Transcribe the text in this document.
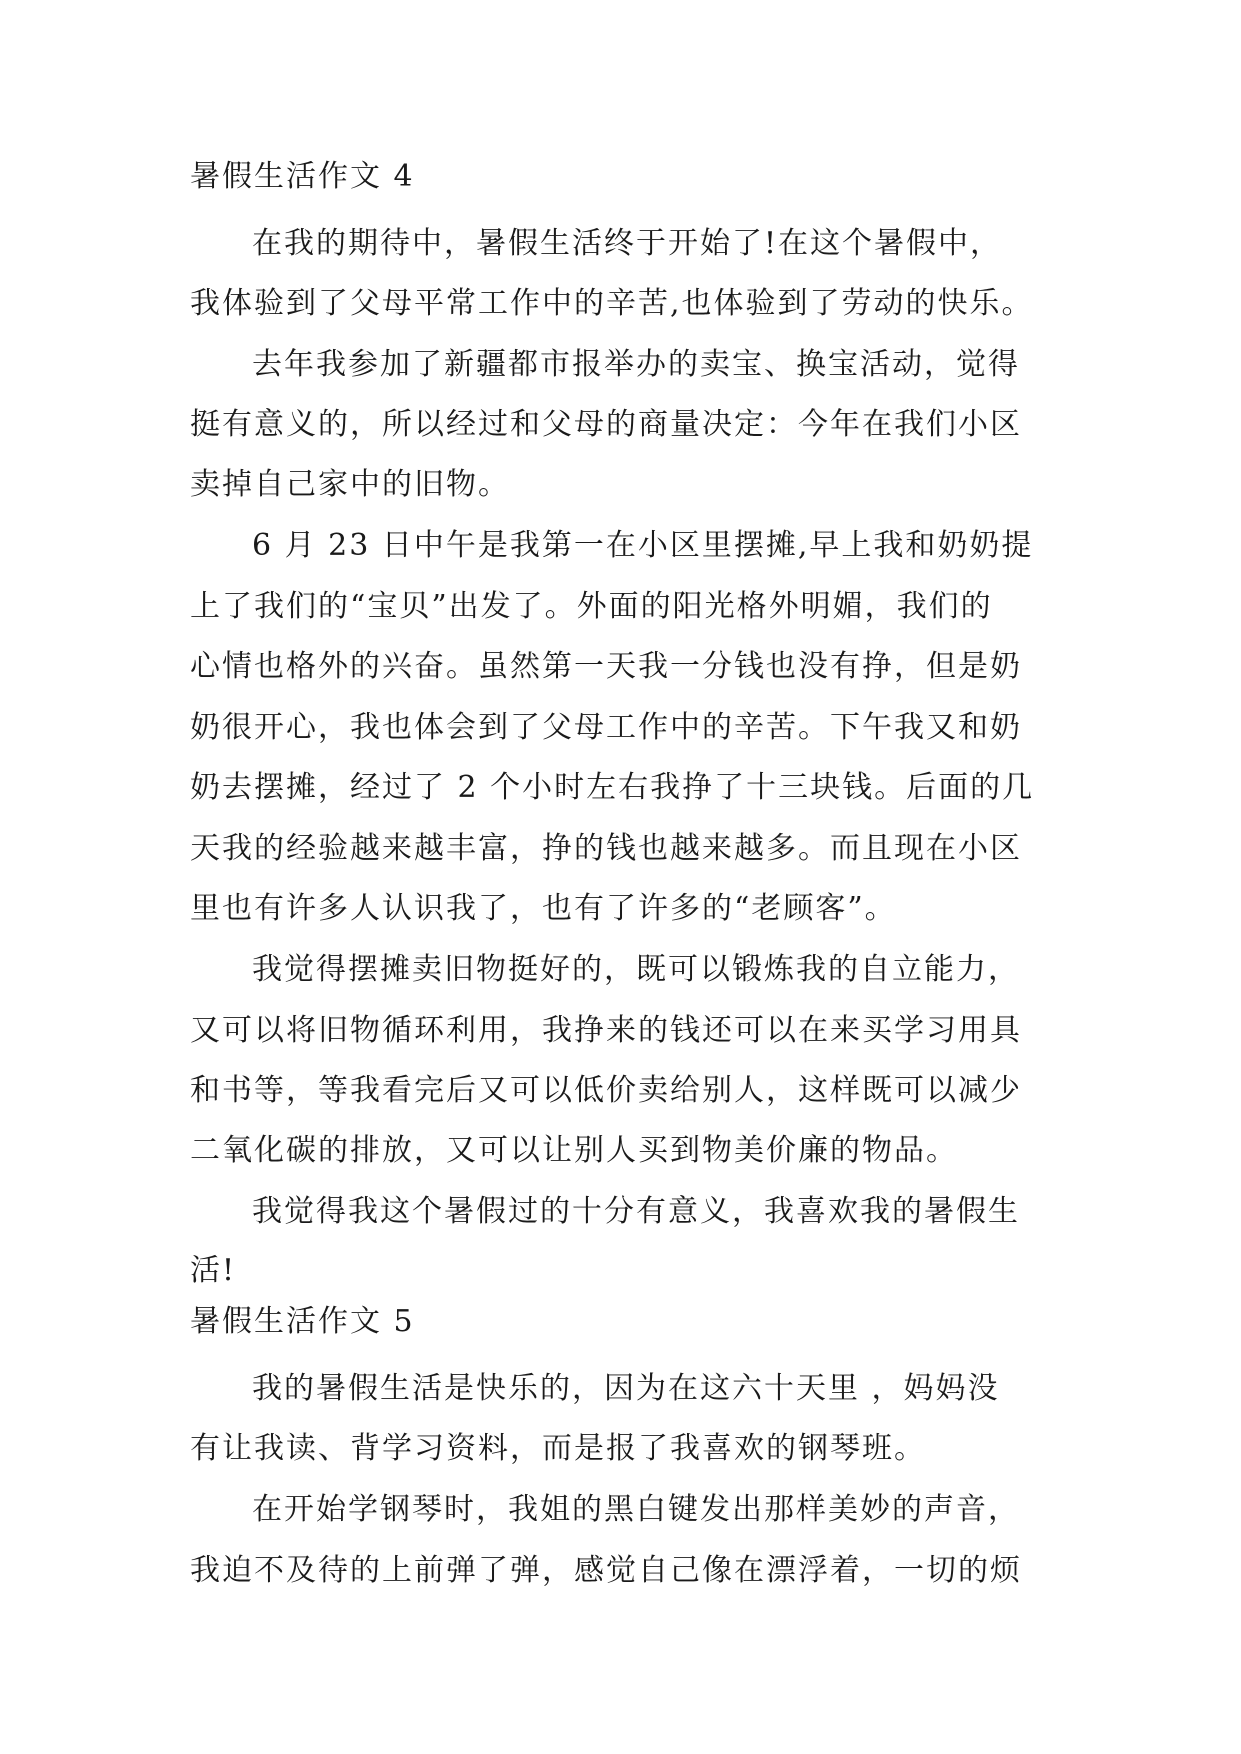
暑假生活作文 4

在我的期待中，暑假生活终于开始了!在这个暑假中，

我体验到了父母平常工作中的辛苦,也体验到了劳动的快乐。

去年我参加了新疆都市报举办的卖宝、换宝活动，觉得

挺有意义的，所以经过和父母的商量决定：今年在我们小区

卖掉自己家中的旧物。

6 月 23 日中午是我第一在小区里摆摊,早上我和奶奶提

上了我们的“宝贝”出发了。外面的阳光格外明媚，我们的

心情也格外的兴奋。虽然第一天我一分钱也没有挣，但是奶

奶很开心，我也体会到了父母工作中的辛苦。下午我又和奶

奶去摆摊，经过了 2 个小时左右我挣了十三块钱。后面的几

天我的经验越来越丰富，挣的钱也越来越多。而且现在小区

里也有许多人认识我了，也有了许多的“老顾客”。

我觉得摆摊卖旧物挺好的，既可以锻炼我的自立能力，

又可以将旧物循环利用，我挣来的钱还可以在来买学习用具

和书等，等我看完后又可以低价卖给别人，这样既可以减少

二氧化碳的排放，又可以让别人买到物美价廉的物品。

我觉得我这个暑假过的十分有意义，我喜欢我的暑假生

活!

暑假生活作文 5

我的暑假生活是快乐的，因为在这六十天里 ，妈妈没

有让我读、背学习资料，而是报了我喜欢的钢琴班。

在开始学钢琴时，我姐的黑白键发出那样美妙的声音，

我迫不及待的上前弹了弹，感觉自己像在漂浮着，一切的烦
